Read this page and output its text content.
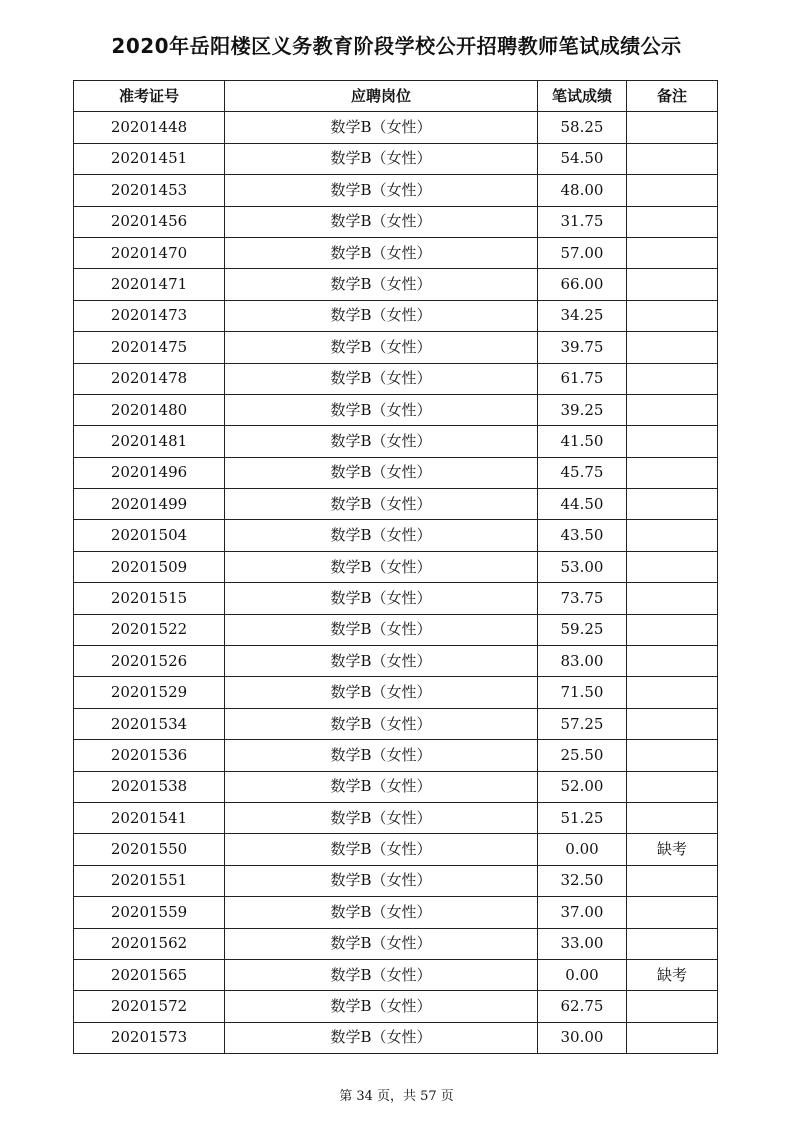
2020年岳阳楼区义务教育阶段学校公开招聘教师笔试成绩公示
准考证号	应聘岗位	笔试成绩	备注
20201448	数学B（女性）	58.25	
20201451	数学B（女性）	54.50	
20201453	数学B（女性）	48.00	
20201456	数学B（女性）	31.75	
20201470	数学B（女性）	57.00	
20201471	数学B（女性）	66.00	
20201473	数学B（女性）	34.25	
20201475	数学B（女性）	39.75	
20201478	数学B（女性）	61.75	
20201480	数学B（女性）	39.25	
20201481	数学B（女性）	41.50	
20201496	数学B（女性）	45.75	
20201499	数学B（女性）	44.50	
20201504	数学B（女性）	43.50	
20201509	数学B（女性）	53.00	
20201515	数学B（女性）	73.75	
20201522	数学B（女性）	59.25	
20201526	数学B（女性）	83.00	
20201529	数学B（女性）	71.50	
20201534	数学B（女性）	57.25	
20201536	数学B（女性）	25.50	
20201538	数学B（女性）	52.00	
20201541	数学B（女性）	51.25	
20201550	数学B（女性）	0.00	缺考
20201551	数学B（女性）	32.50	
20201559	数学B（女性）	37.00	
20201562	数学B（女性）	33.00	
20201565	数学B（女性）	0.00	缺考
20201572	数学B（女性）	62.75	
20201573	数学B（女性）	30.00	
第 34 页，共 57 页
